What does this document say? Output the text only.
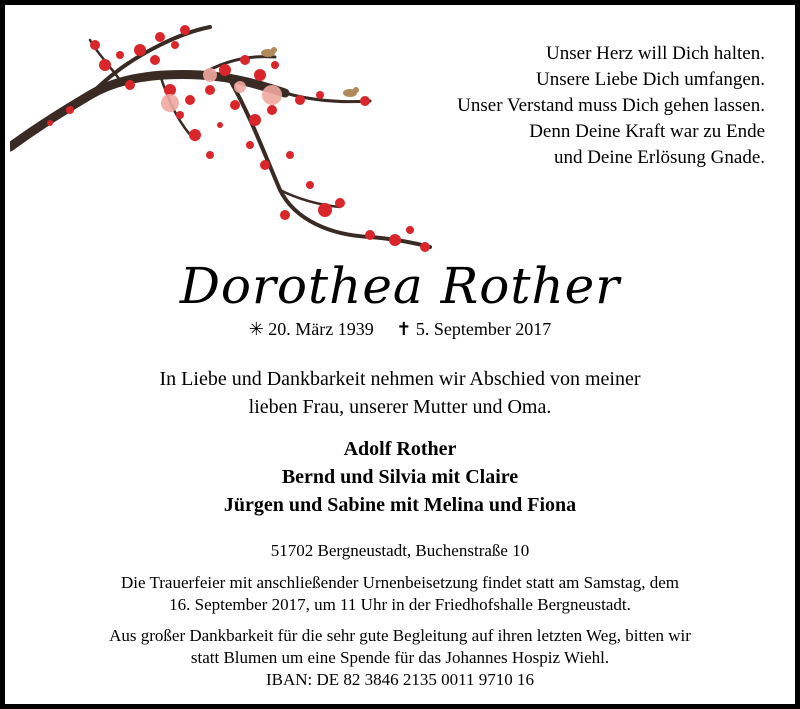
Unser Herz will Dich halten.
Unsere Liebe Dich umfangen.
Unser Verstand muss Dich gehen lassen.
Denn Deine Kraft war zu Ende
und Deine Erlösung Gnade.
Dorothea Rother
✳ 20. März 1939 ✝ 5. September 2017
In Liebe und Dankbarkeit nehmen wir Abschied von meiner
lieben Frau, unserer Mutter und Oma.
Adolf Rother
Bernd und Silvia mit Claire
Jürgen und Sabine mit Melina und Fiona
51702 Bergneustadt, Buchenstraße 10
Die Trauerfeier mit anschließender Urnenbeisetzung findet statt am Samstag, dem
16. September 2017, um 11 Uhr in der Friedhofshalle Bergneustadt.
Aus großer Dankbarkeit für die sehr gute Begleitung auf ihren letzten Weg, bitten wir
statt Blumen um eine Spende für das Johannes Hospiz Wiehl.
IBAN: DE 82 3846 2135 0011 9710 16
